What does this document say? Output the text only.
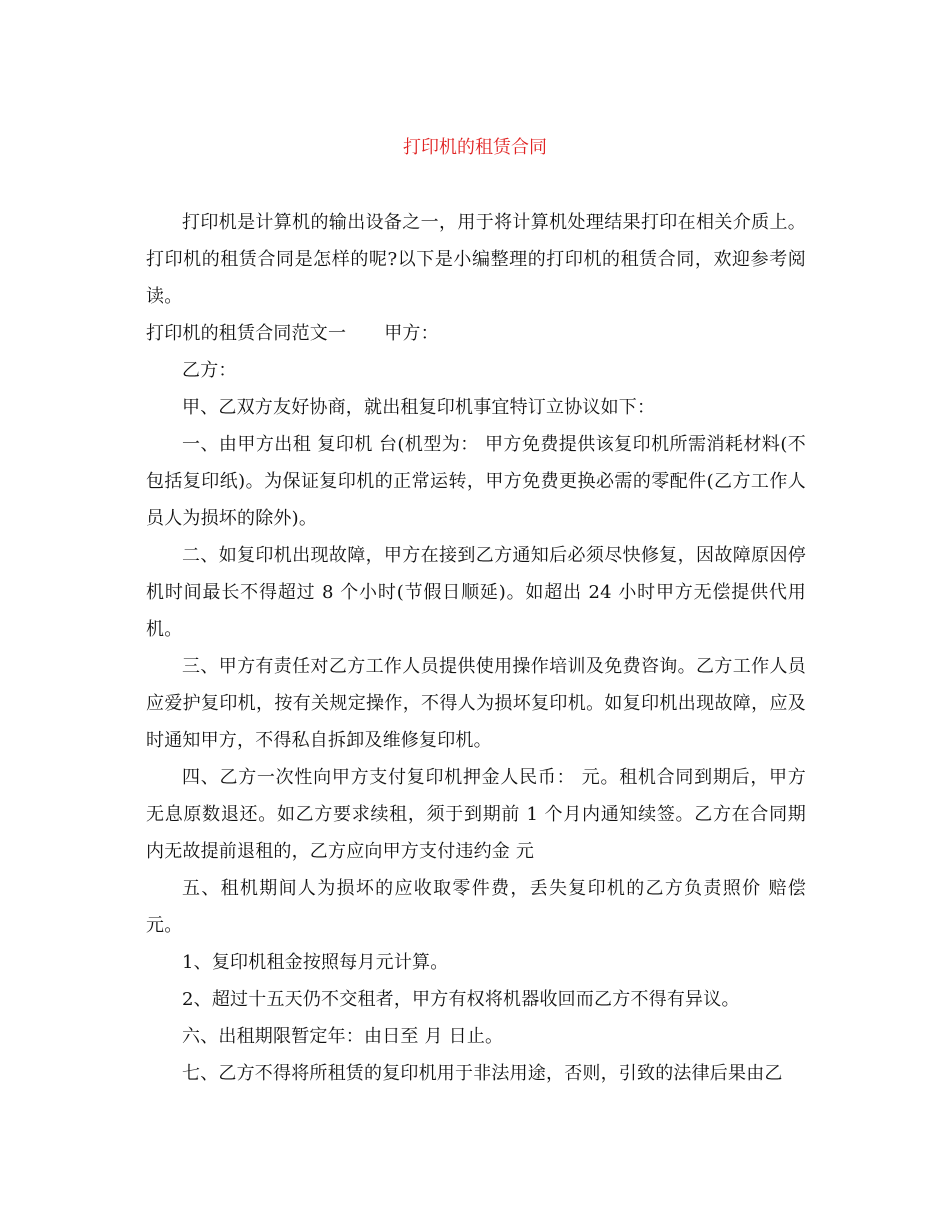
打印机的租赁合同

打印机是计算机的输出设备之一，用于将计算机处理结果打印在相关介质上。打印机的租赁合同是怎样的呢?以下是小编整理的打印机的租赁合同，欢迎参考阅读。

打印机的租赁合同范文一 甲方：

乙方：

甲、乙双方友好协商，就出租复印机事宜特订立协议如下：

一、由甲方出租 复印机 台(机型为： 甲方免费提供该复印机所需消耗材料(不包括复印纸)。为保证复印机的正常运转，甲方免费更换必需的零配件(乙方工作人员人为损坏的除外)。

二、如复印机出现故障，甲方在接到乙方通知后必须尽快修复，因故障原因停机时间最长不得超过 8 个小时(节假日顺延)。如超出 24 小时甲方无偿提供代用机。

三、甲方有责任对乙方工作人员提供使用操作培训及免费咨询。乙方工作人员应爱护复印机，按有关规定操作，不得人为损坏复印机。如复印机出现故障，应及时通知甲方，不得私自拆卸及维修复印机。

四、乙方一次性向甲方支付复印机押金人民币： 元。租机合同到期后，甲方无息原数退还。如乙方要求续租，须于到期前 1 个月内通知续签。乙方在合同期内无故提前退租的，乙方应向甲方支付违约金 元

五、租机期间人为损坏的应收取零件费，丢失复印机的乙方负责照价 赔偿 元。

1、复印机租金按照每月元计算。

2、超过十五天仍不交租者，甲方有权将机器收回而乙方不得有异议。

六、出租期限暂定年：由日至 月 日止。

七、乙方不得将所租赁的复印机用于非法用途，否则，引致的法律后果由乙
